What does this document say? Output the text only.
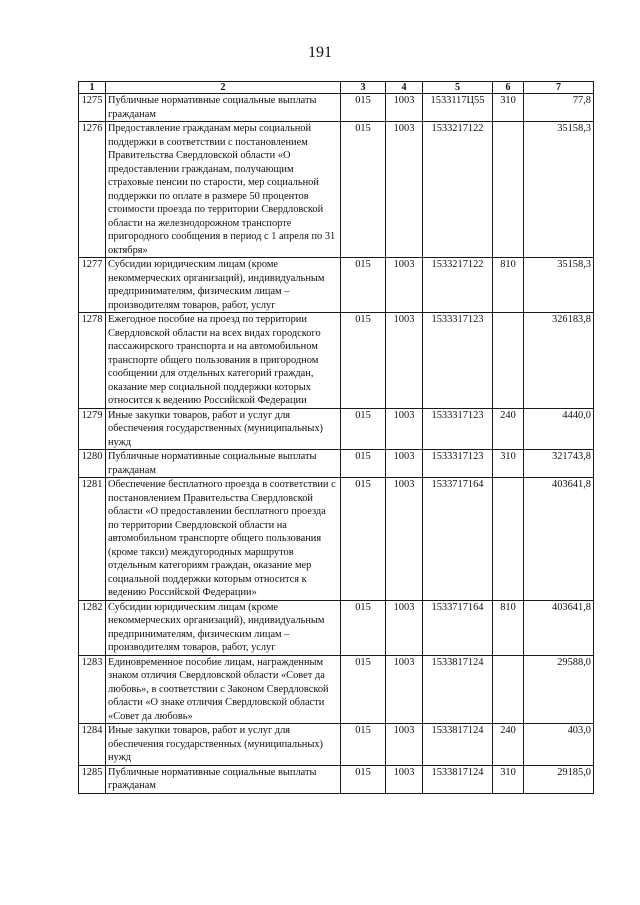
191
1	2	3	4	5	6	7
1275	Публичные нормативные социальные выплаты гражданам	015	1003	1533117Ц55	310	77,8
1276	Предоставление гражданам меры социальной поддержки в соответствии с постановлением Правительства Свердловской области «О предоставлении гражданам, получающим страховые пенсии по старости, мер социальной поддержки по оплате в размере 50 процентов стоимости проезда по территории Свердловской области на железнодорожном транспорте пригородного сообщения в период с 1 апреля по 31 октября»	015	1003	1533217122		35158,3
1277	Субсидии юридическим лицам (кроме некоммерческих организаций), индивидуальным предпринимателям, физическим лицам – производителям товаров, работ, услуг	015	1003	1533217122	810	35158,3
1278	Ежегодное пособие на проезд по территории Свердловской области на всех видах городского пассажирского транспорта и на автомобильном транспорте общего пользования в пригородном сообщении для отдельных категорий граждан, оказание мер социальной поддержки которых относится к ведению Российской Федерации	015	1003	1533317123		326183,8
1279	Иные закупки товаров, работ и услуг для обеспечения государственных (муниципальных) нужд	015	1003	1533317123	240	4440,0
1280	Публичные нормативные социальные выплаты гражданам	015	1003	1533317123	310	321743,8
1281	Обеспечение бесплатного проезда в соответствии с постановлением Правительства Свердловской области «О предоставлении бесплатного проезда по территории Свердловской области на автомобильном транспорте общего пользования (кроме такси) междугородных маршрутов отдельным категориям граждан, оказание мер социальной поддержки которым относится к ведению Российской Федерации»	015	1003	1533717164		403641,8
1282	Субсидии юридическим лицам (кроме некоммерческих организаций), индивидуальным предпринимателям, физическим лицам – производителям товаров, работ, услуг	015	1003	1533717164	810	403641,8
1283	Единовременное пособие лицам, награжденным знаком отличия Свердловской области «Совет да любовь», в соответствии с Законом Свердловской области «О знаке отличия Свердловской области «Совет да любовь»	015	1003	1533817124		29588,0
1284	Иные закупки товаров, работ и услуг для обеспечения государственных (муниципальных) нужд	015	1003	1533817124	240	403,0
1285	Публичные нормативные социальные выплаты гражданам	015	1003	1533817124	310	29185,0
